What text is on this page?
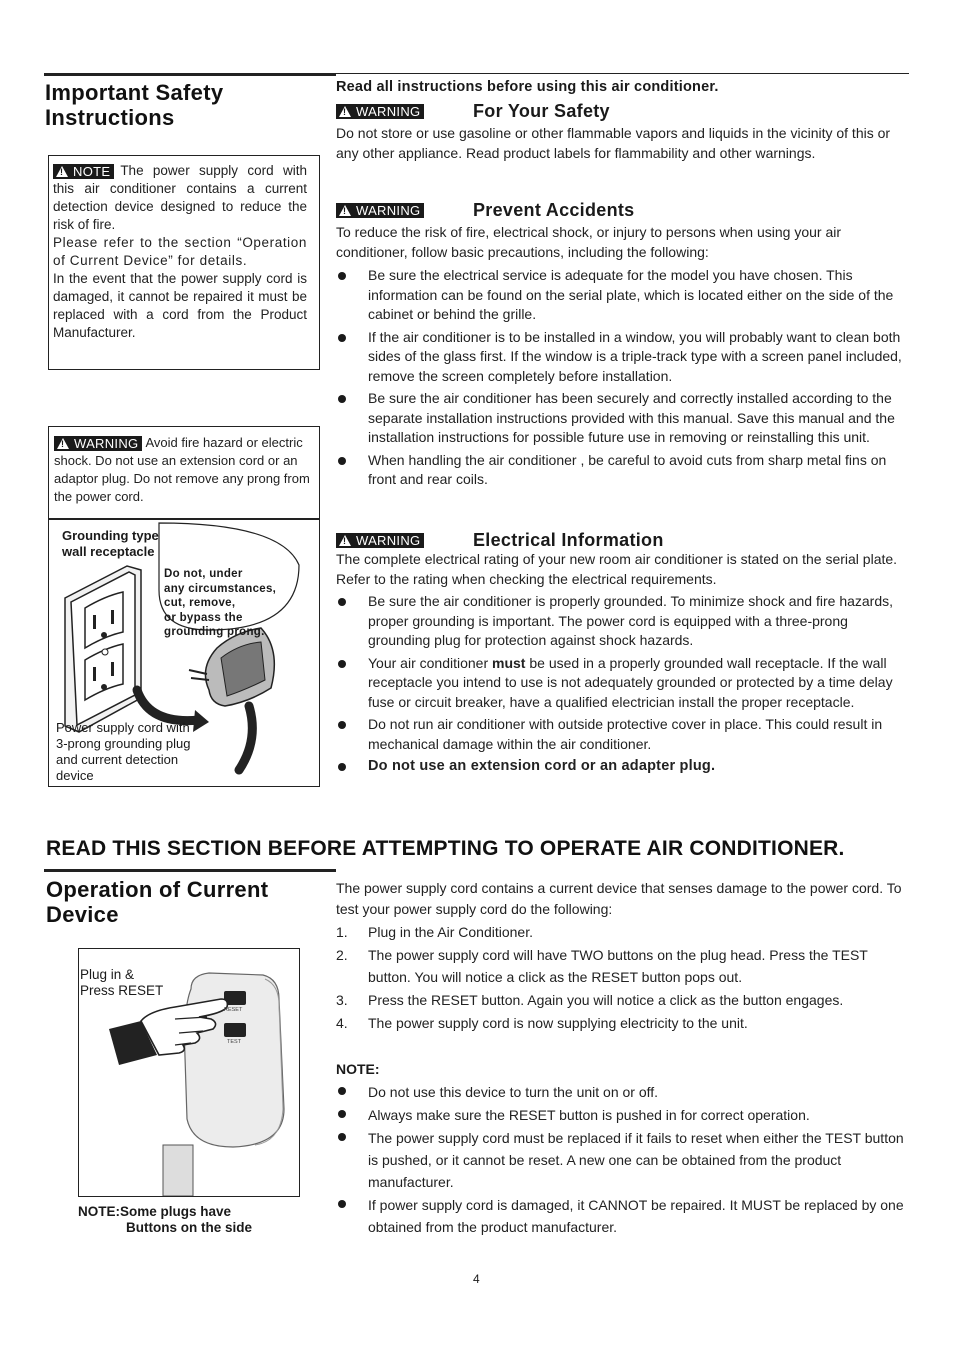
Important Safety
Instructions
Read all instructions before using this air conditioner.
!
WARNING	For Your Safety
Do not store or use gasoline or other flammable vapors and liquids in the vicinity of this or any other appliance. Read product labels for flammability and other warnings.
!
WARNING	Prevent Accidents
To reduce the risk of fire, electrical shock, or injury to persons when using your air conditioner, follow basic precautions, including the following:
Be sure the electrical service is adequate for the model you have chosen. This information can be found on the serial plate, which is located either on the side of the cabinet or behind the grille.
If the air conditioner is to be installed in a window, you will probably want to clean both sides of the glass first. If the window is a triple-track type with a screen panel included, remove the screen completely before installation.
Be sure the air conditioner has been securely and correctly installed according to the separate installation instructions provided with this manual. Save this manual and the installation instructions for possible future use in removing or reinstalling this unit.
When handling the air conditioner , be careful to avoid cuts from sharp metal fins on front and rear coils.
!
WARNING	Electrical Information
The complete electrical rating of your new room air conditioner is stated on the serial plate. Refer to the rating when checking the electrical requirements.
Be sure the air conditioner is properly grounded. To minimize shock and fire hazards, proper grounding is important. The power cord is equipped with a three-prong grounding plug for protection against shock hazards.
Your air conditioner must be used in a properly grounded wall receptacle. If the wall receptacle you intend to use is not adequately grounded or protected by a time delay fuse or circuit breaker, have a qualified electrician install the proper receptacle.
Do not run air conditioner with outside protective cover in place. This could result in mechanical damage within the air conditioner.
Do not use an extension cord or an adapter plug.
!
NOTE The power supply cord with this air conditioner contains a current detection device designed to reduce the risk of fire.
Please refer to the section “Operation of Current Device” for details.
In the event that the power supply cord is damaged, it cannot be repaired it must be replaced with a cord from the Product Manufacturer.
!
WARNING Avoid fire hazard or electric shock. Do not use an extension cord or an adaptor plug. Do not remove any prong from the power cord.
Grounding type
wall receptacle
Do not, under
any circumstances,
cut, remove,
or bypass the
grounding prong.
Power supply cord with
3-prong grounding plug
and current detection
device
READ THIS SECTION BEFORE ATTEMPTING TO OPERATE AIR CONDITIONER.
Operation of Current
Device
The power supply cord contains a current device that senses damage to the power cord. To test your power supply cord do the following:
1. Plug in the Air Conditioner.
2. The power supply cord will have TWO buttons on the plug head. Press the TEST button. You will notice a click as the RESET button pops out.
3. Press the RESET button. Again you will notice a click as the button engages.
4. The power supply cord is now supplying electricity to the unit.
NOTE:
Do not use this device to turn the unit on or off.
Always make sure the RESET button is pushed in for correct operation.
The power supply cord must be replaced if it fails to reset when either the TEST button is pushed, or it cannot be reset. A new one can be obtained from the product manufacturer.
If power supply cord is damaged, it CANNOT be repaired. It MUST be replaced by one obtained from the product manufacturer.
Plug in &
Press RESET
RESET
TEST
NOTE:Some plugs have
Buttons on the side
4
